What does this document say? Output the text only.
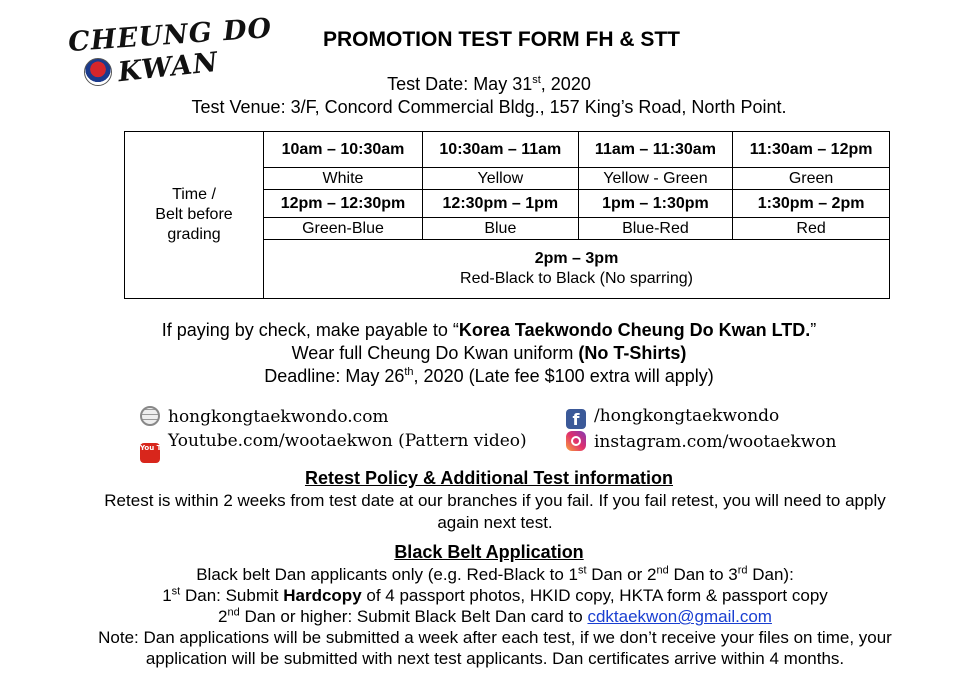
CHEUNG DO
KWAN
PROMOTION TEST FORM FH & STT
Test Date: May 31st, 2020
Test Venue: 3/F, Concord Commercial Bldg., 157 King’s Road, North Point.
Time /
Belt before
grading	10am – 10:30am	10:30am – 11am	11am – 11:30am	11:30am – 12pm
	White	Yellow	Yellow - Green	Green
	12pm – 12:30pm	12:30pm – 1pm	1pm – 1:30pm	1:30pm – 2pm
	Green-Blue	Blue	Blue-Red	Red

	2pm – 3pm
Red-Black to Black (No sparring)			
If paying by check, make payable to “Korea Taekwondo Cheung Do Kwan LTD.”
Wear full Cheung Do Kwan uniform (No T-Shirts)
Deadline: May 26th, 2020 (Late fee $100 extra will apply)
hongkongtaekwondo.com
You TubeYoutube.com/wootaekwon (Pattern video)
f /hongkongtaekwondo
instagram.com/wootaekwon
Retest Policy & Additional Test information
Retest is within 2 weeks from test date at our branches if you fail. If you fail retest, you will need to apply
again next test.
Black Belt Application
Black belt Dan applicants only (e.g. Red-Black to 1st Dan or 2nd Dan to 3rd Dan):
1st Dan: Submit Hardcopy of 4 passport photos, HKID copy, HKTA form & passport copy
2nd Dan or higher: Submit Black Belt Dan card to cdktaekwon@gmail.com
Note: Dan applications will be submitted a week after each test, if we don’t receive your files on time, your
application will be submitted with next test applicants. Dan certificates arrive within 4 months.
